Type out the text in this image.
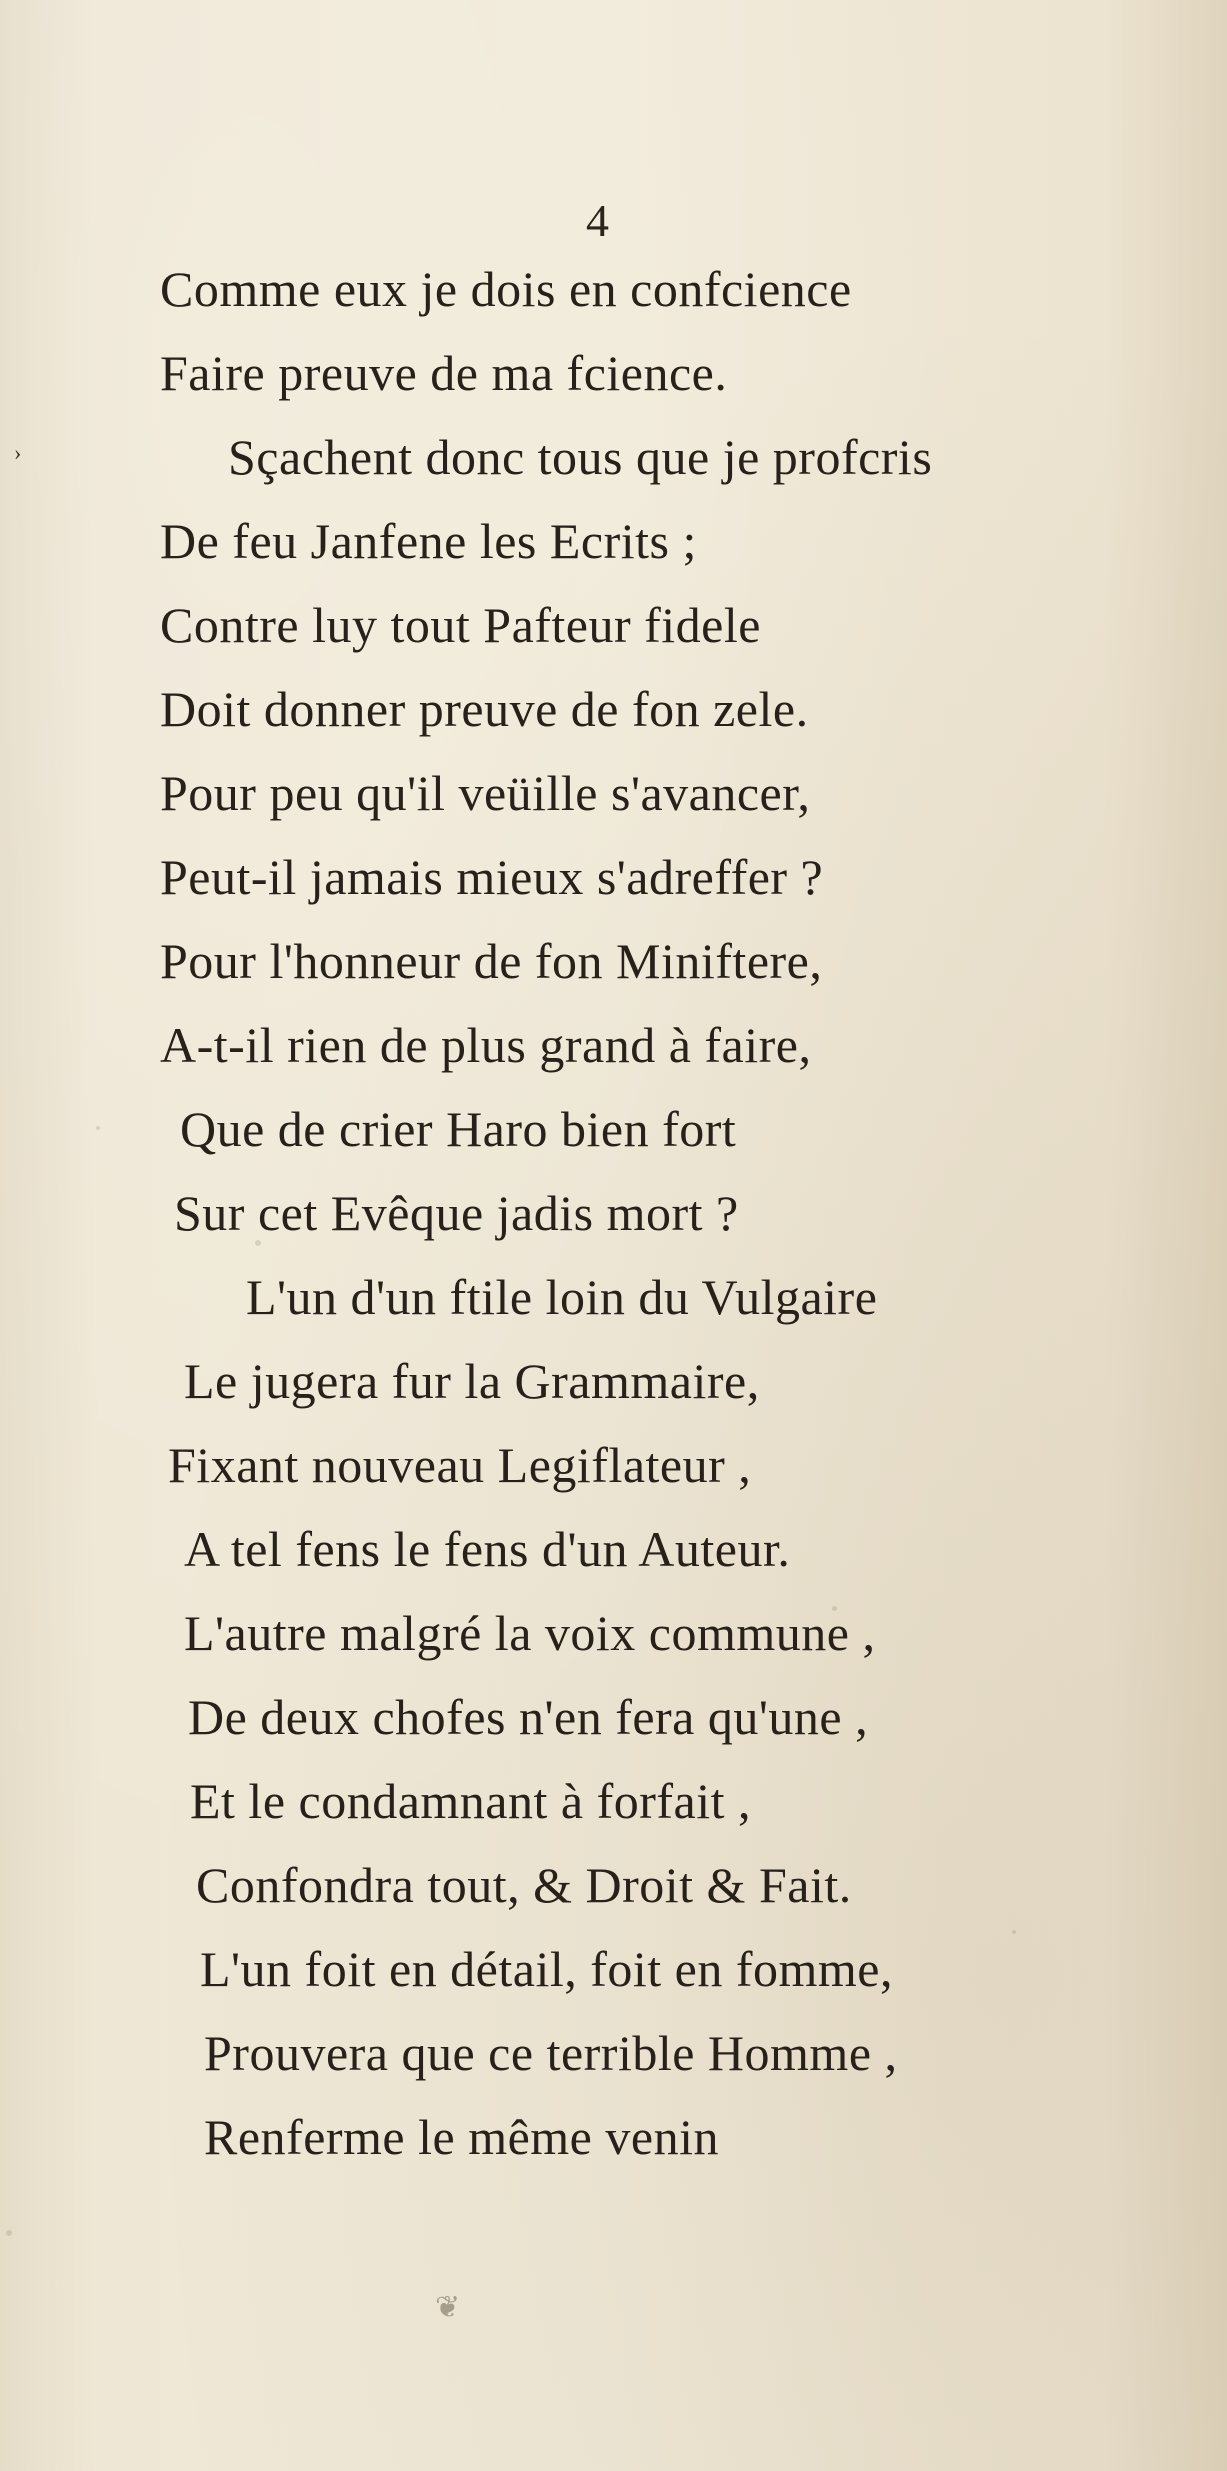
4
›
Comme eux je dois en confcience
Faire preuve de ma fcience.
Sçachent donc tous que je profcris
De feu Janfene les Ecrits ;
Contre luy tout Pafteur fidele
Doit donner preuve de fon zele.
Pour peu qu'il veüille s'avancer,
Peut-il jamais mieux s'adreffer ?
Pour l'honneur de fon Miniftere,
A-t-il rien de plus grand à faire,
Que de crier Haro bien fort
Sur cet Evêque jadis mort ?
L'un d'un ftile loin du Vulgaire
Le jugera fur la Grammaire,
Fixant nouveau Legiflateur ,
A tel fens le fens d'un Auteur.
L'autre malgré la voix commune ,
De deux chofes n'en fera qu'une ,
Et le condamnant à forfait ,
Confondra tout, & Droit & Fait.
L'un foit en détail, foit en fomme,
Prouvera que ce terrible Homme ,
Renferme le même venin
❦
